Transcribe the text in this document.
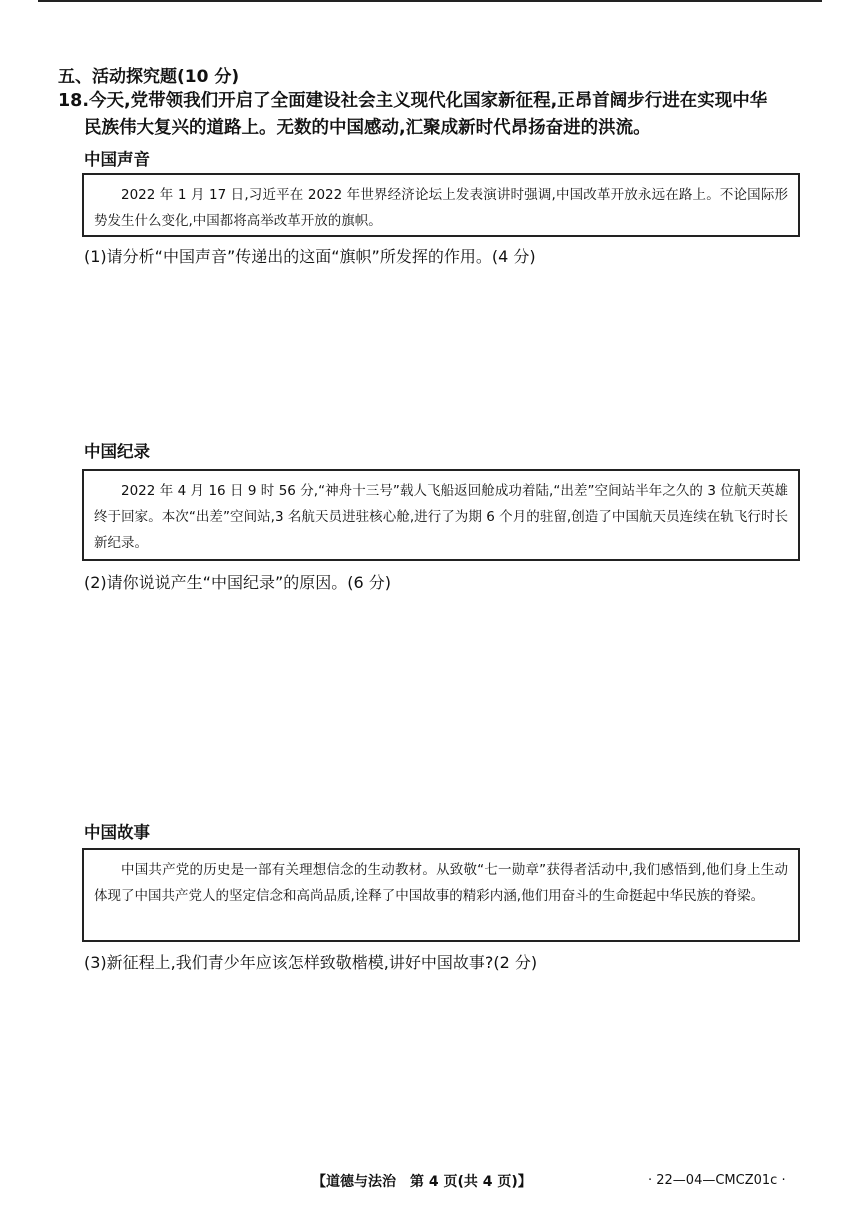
五、活动探究题(10 分)
18.今天,党带领我们开启了全面建设社会主义现代化国家新征程,正昂首阔步行进在实现中华
民族伟大复兴的道路上。无数的中国感动,汇聚成新时代昂扬奋进的洪流。
中国声音

2022 年 1 月 17 日,习近平在 2022 年世界经济论坛上发表演讲时强调,中国改革开放永远在路上。不论国际形势发生什么变化,中国都将高举改革开放的旗帜。

(1)请分析“中国声音”传递出的这面“旗帜”所发挥的作用。(4 分)
中国纪录

2022 年 4 月 16 日 9 时 56 分,“神舟十三号”载人飞船返回舱成功着陆,“出差”空间站半年之久的 3 位航天英雄终于回家。本次“出差”空间站,3 名航天员进驻核心舱,进行了为期 6 个月的驻留,创造了中国航天员连续在轨飞行时长新纪录。

(2)请你说说产生“中国纪录”的原因。(6 分)
中国故事

中国共产党的历史是一部有关理想信念的生动教材。从致敬“七一勋章”获得者活动中,我们感悟到,他们身上生动体现了中国共产党人的坚定信念和高尚品质,诠释了中国故事的精彩内涵,他们用奋斗的生命挺起中华民族的脊梁。

(3)新征程上,我们青少年应该怎样致敬楷模,讲好中国故事?(2 分)
【道德与法治　第 4 页(共 4 页)】	· 22—04—CMCZ01c ·
